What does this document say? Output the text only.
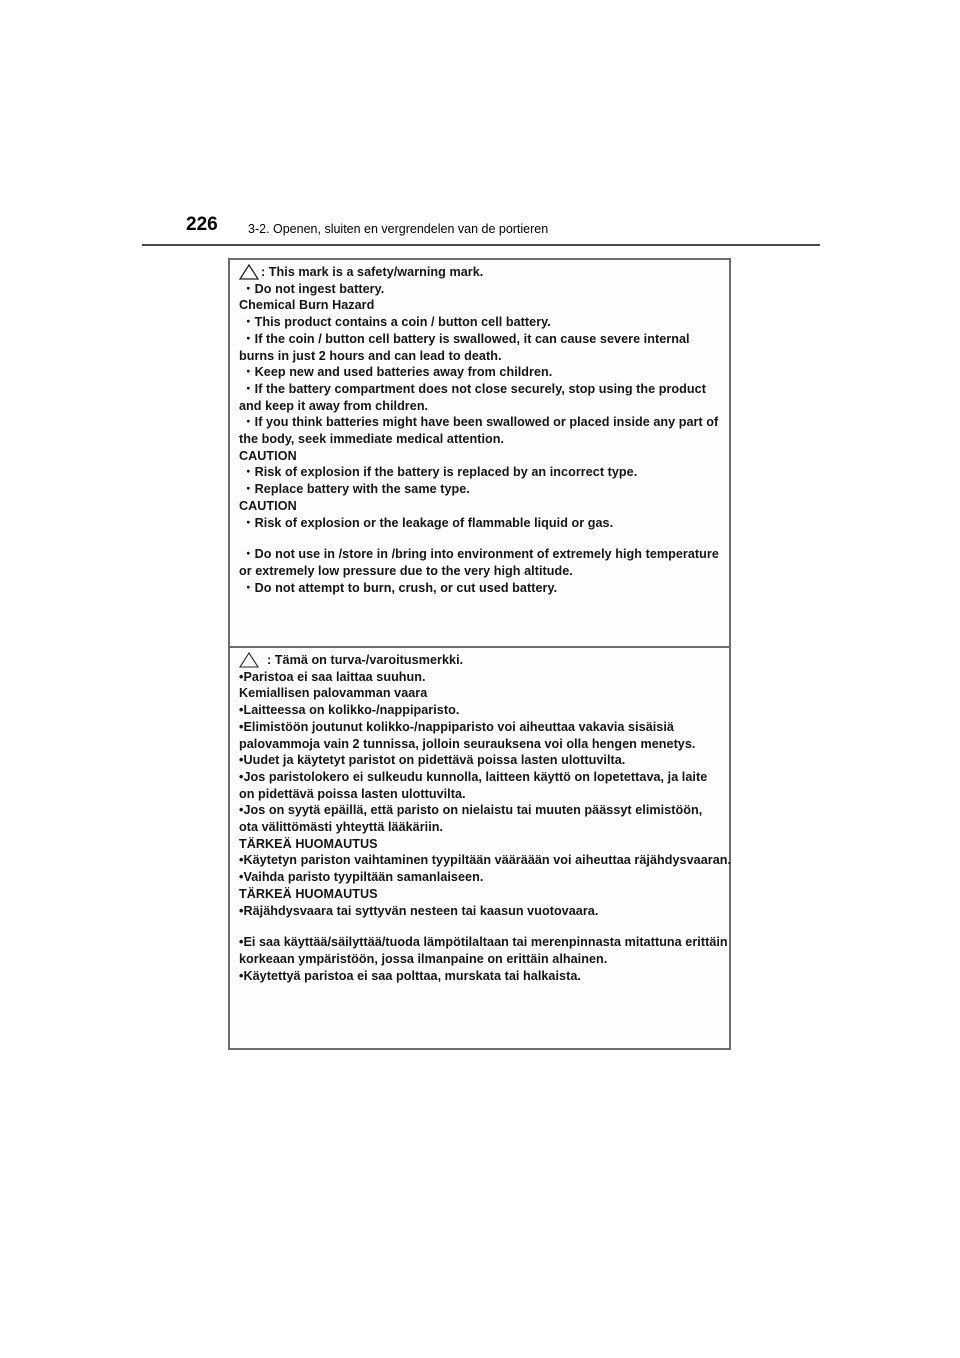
226 3-2. Openen, sluiten en vergrendelen van de portieren
: This mark is a safety/warning mark.
・Do not ingest battery.
Chemical Burn Hazard
・This product contains a coin / button cell battery.
・If the coin / button cell battery is swallowed, it can cause severe internal
burns in just 2 hours and can lead to death.
・Keep new and used batteries away from children.
・If the battery compartment does not close securely, stop using the product
and keep it away from children.
・If you think batteries might have been swallowed or placed inside any part of
the body, seek immediate medical attention.
CAUTION
・Risk of explosion if the battery is replaced by an incorrect type.
・Replace battery with the same type.
CAUTION
・Risk of explosion or the leakage of flammable liquid or gas.
・Do not use in /store in /bring into environment of extremely high temperature
or extremely low pressure due to the very high altitude.
・Do not attempt to burn, crush, or cut used battery.
: Tämä on turva-/varoitusmerkki.
•Paristoa ei saa laittaa suuhun.
Kemiallisen palovamman vaara
•Laitteessa on kolikko-/nappiparisto.
•Elimistöön joutunut kolikko-/nappiparisto voi aiheuttaa vakavia sisäisiä
palovammoja vain 2 tunnissa, jolloin seurauksena voi olla hengen menetys.
•Uudet ja käytetyt paristot on pidettävä poissa lasten ulottuvilta.
•Jos paristolokero ei sulkeudu kunnolla, laitteen käyttö on lopetettava, ja laite
on pidettävä poissa lasten ulottuvilta.
•Jos on syytä epäillä, että paristo on nielaistu tai muuten päässyt elimistöön,
ota välittömästi yhteyttä lääkäriin.
TÄRKEÄ HUOMAUTUS
•Käytetyn pariston vaihtaminen tyypiltään vääräään voi aiheuttaa räjähdysvaaran.
•Vaihda paristo tyypiltään samanlaiseen.
TÄRKEÄ HUOMAUTUS
•Räjähdysvaara tai syttyvän nesteen tai kaasun vuotovaara.
•Ei saa käyttää/säilyttää/tuoda lämpötilaltaan tai merenpinnasta mitattuna erittäin
korkeaan ympäristöön, jossa ilmanpaine on erittäin alhainen.
•Käytettyä paristoa ei saa polttaa, murskata tai halkaista.
